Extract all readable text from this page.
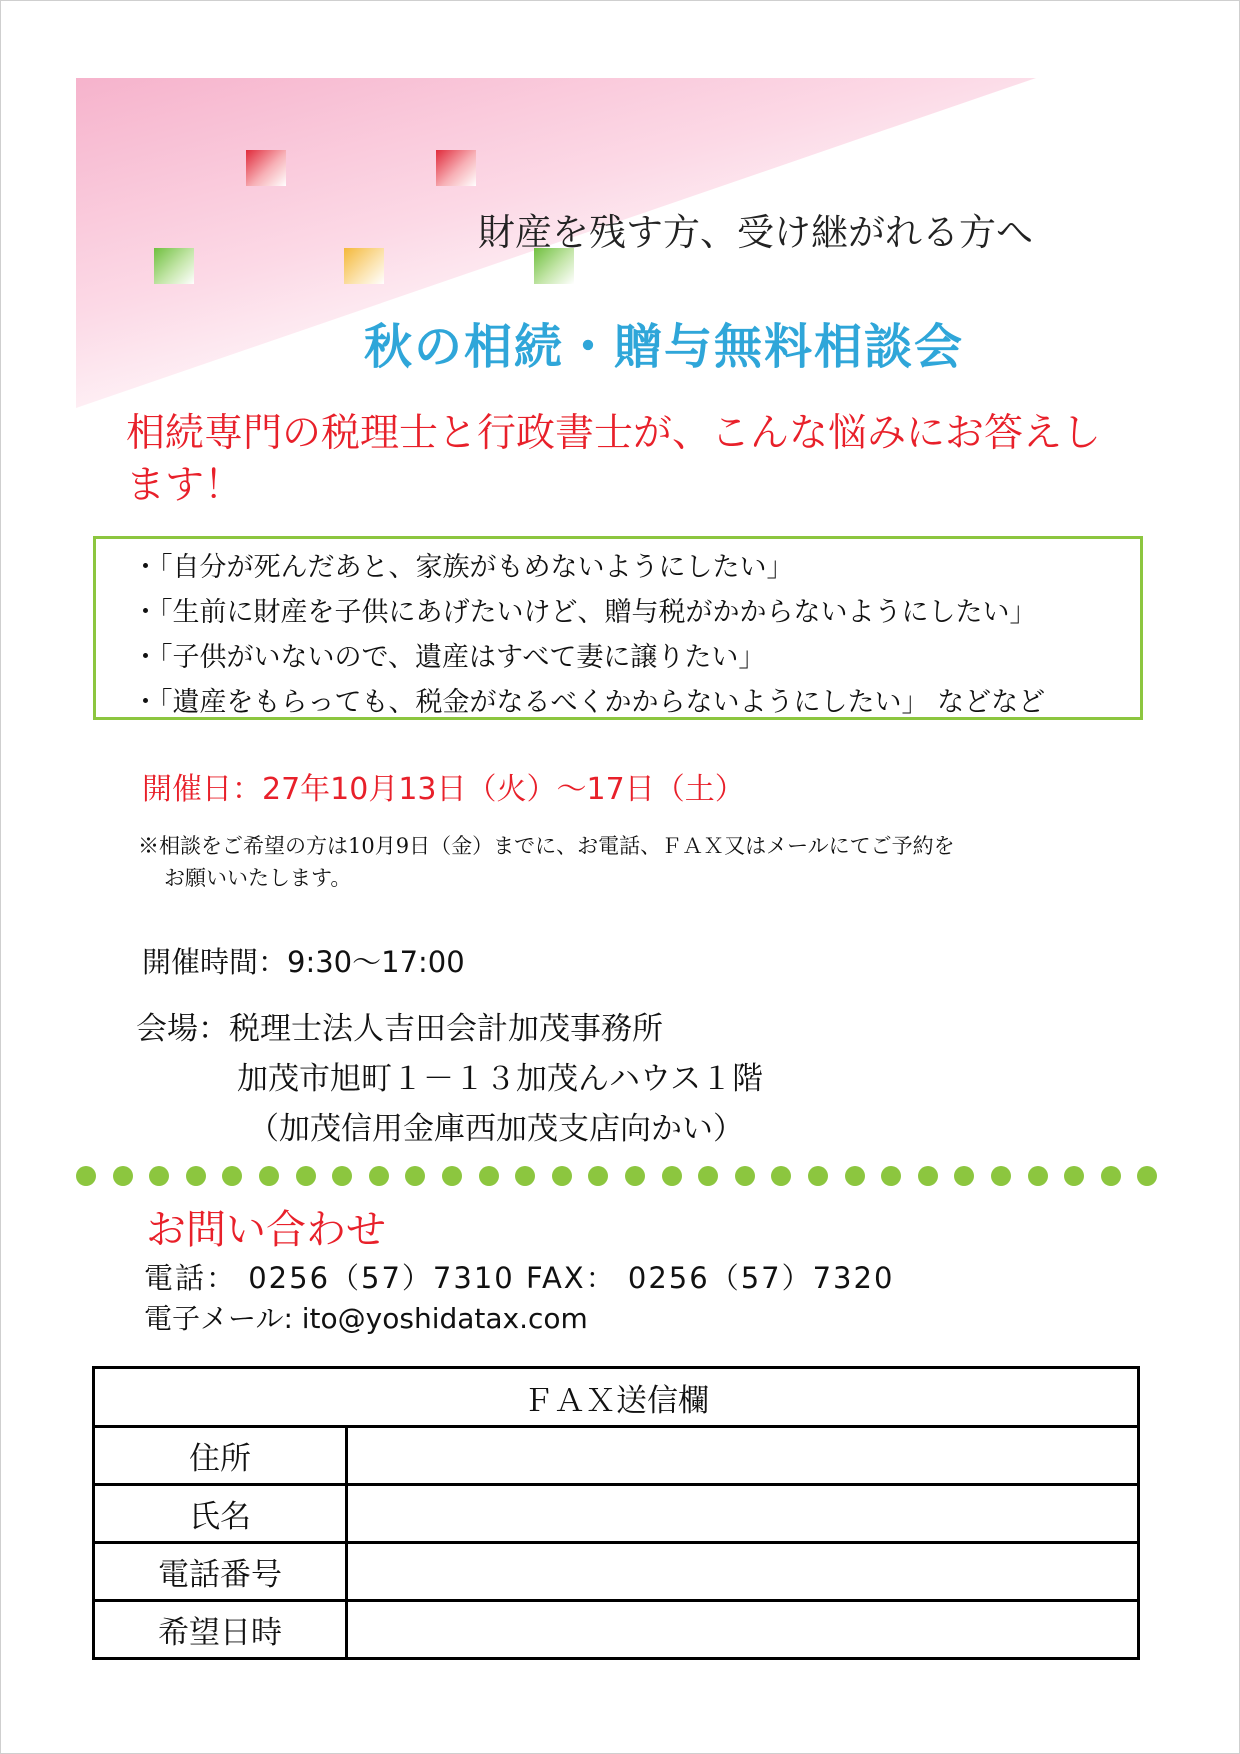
財産を残す方、受け継がれる方へ
秋の相続・贈与無料相談会
相続専門の税理士と行政書士が、こんな悩みにお答えします！
・ 「自分が死んだあと、家族がもめないようにしたい」
・ 「生前に財産を子供にあげたいけど、贈与税がかからないようにしたい」
・ 「子供がいないので、遺産はすべて妻に譲りたい」
・ 「遺産をもらっても、税金がなるべくかからないようにしたい」 などなど
開催日：27年10月13日（火）～17日（土）
※相談をご希望の方は10月9日（金）までに、お電話、ＦＡＸ又はメールにてご予約を
お願いいたします。
開催時間：9:30～17:00
会場：税理士法人吉田会計加茂事務所
加茂市旭町１－１３加茂んハウス１階
（加茂信用金庫西加茂支店向かい）
お問い合わせ
電話： 0256（57）7310 FAX： 0256（57）7320
電子メール: ito@yoshidatax.com
ＦＡＸ送信欄	
住所	
氏名	
電話番号	
希望日時	
